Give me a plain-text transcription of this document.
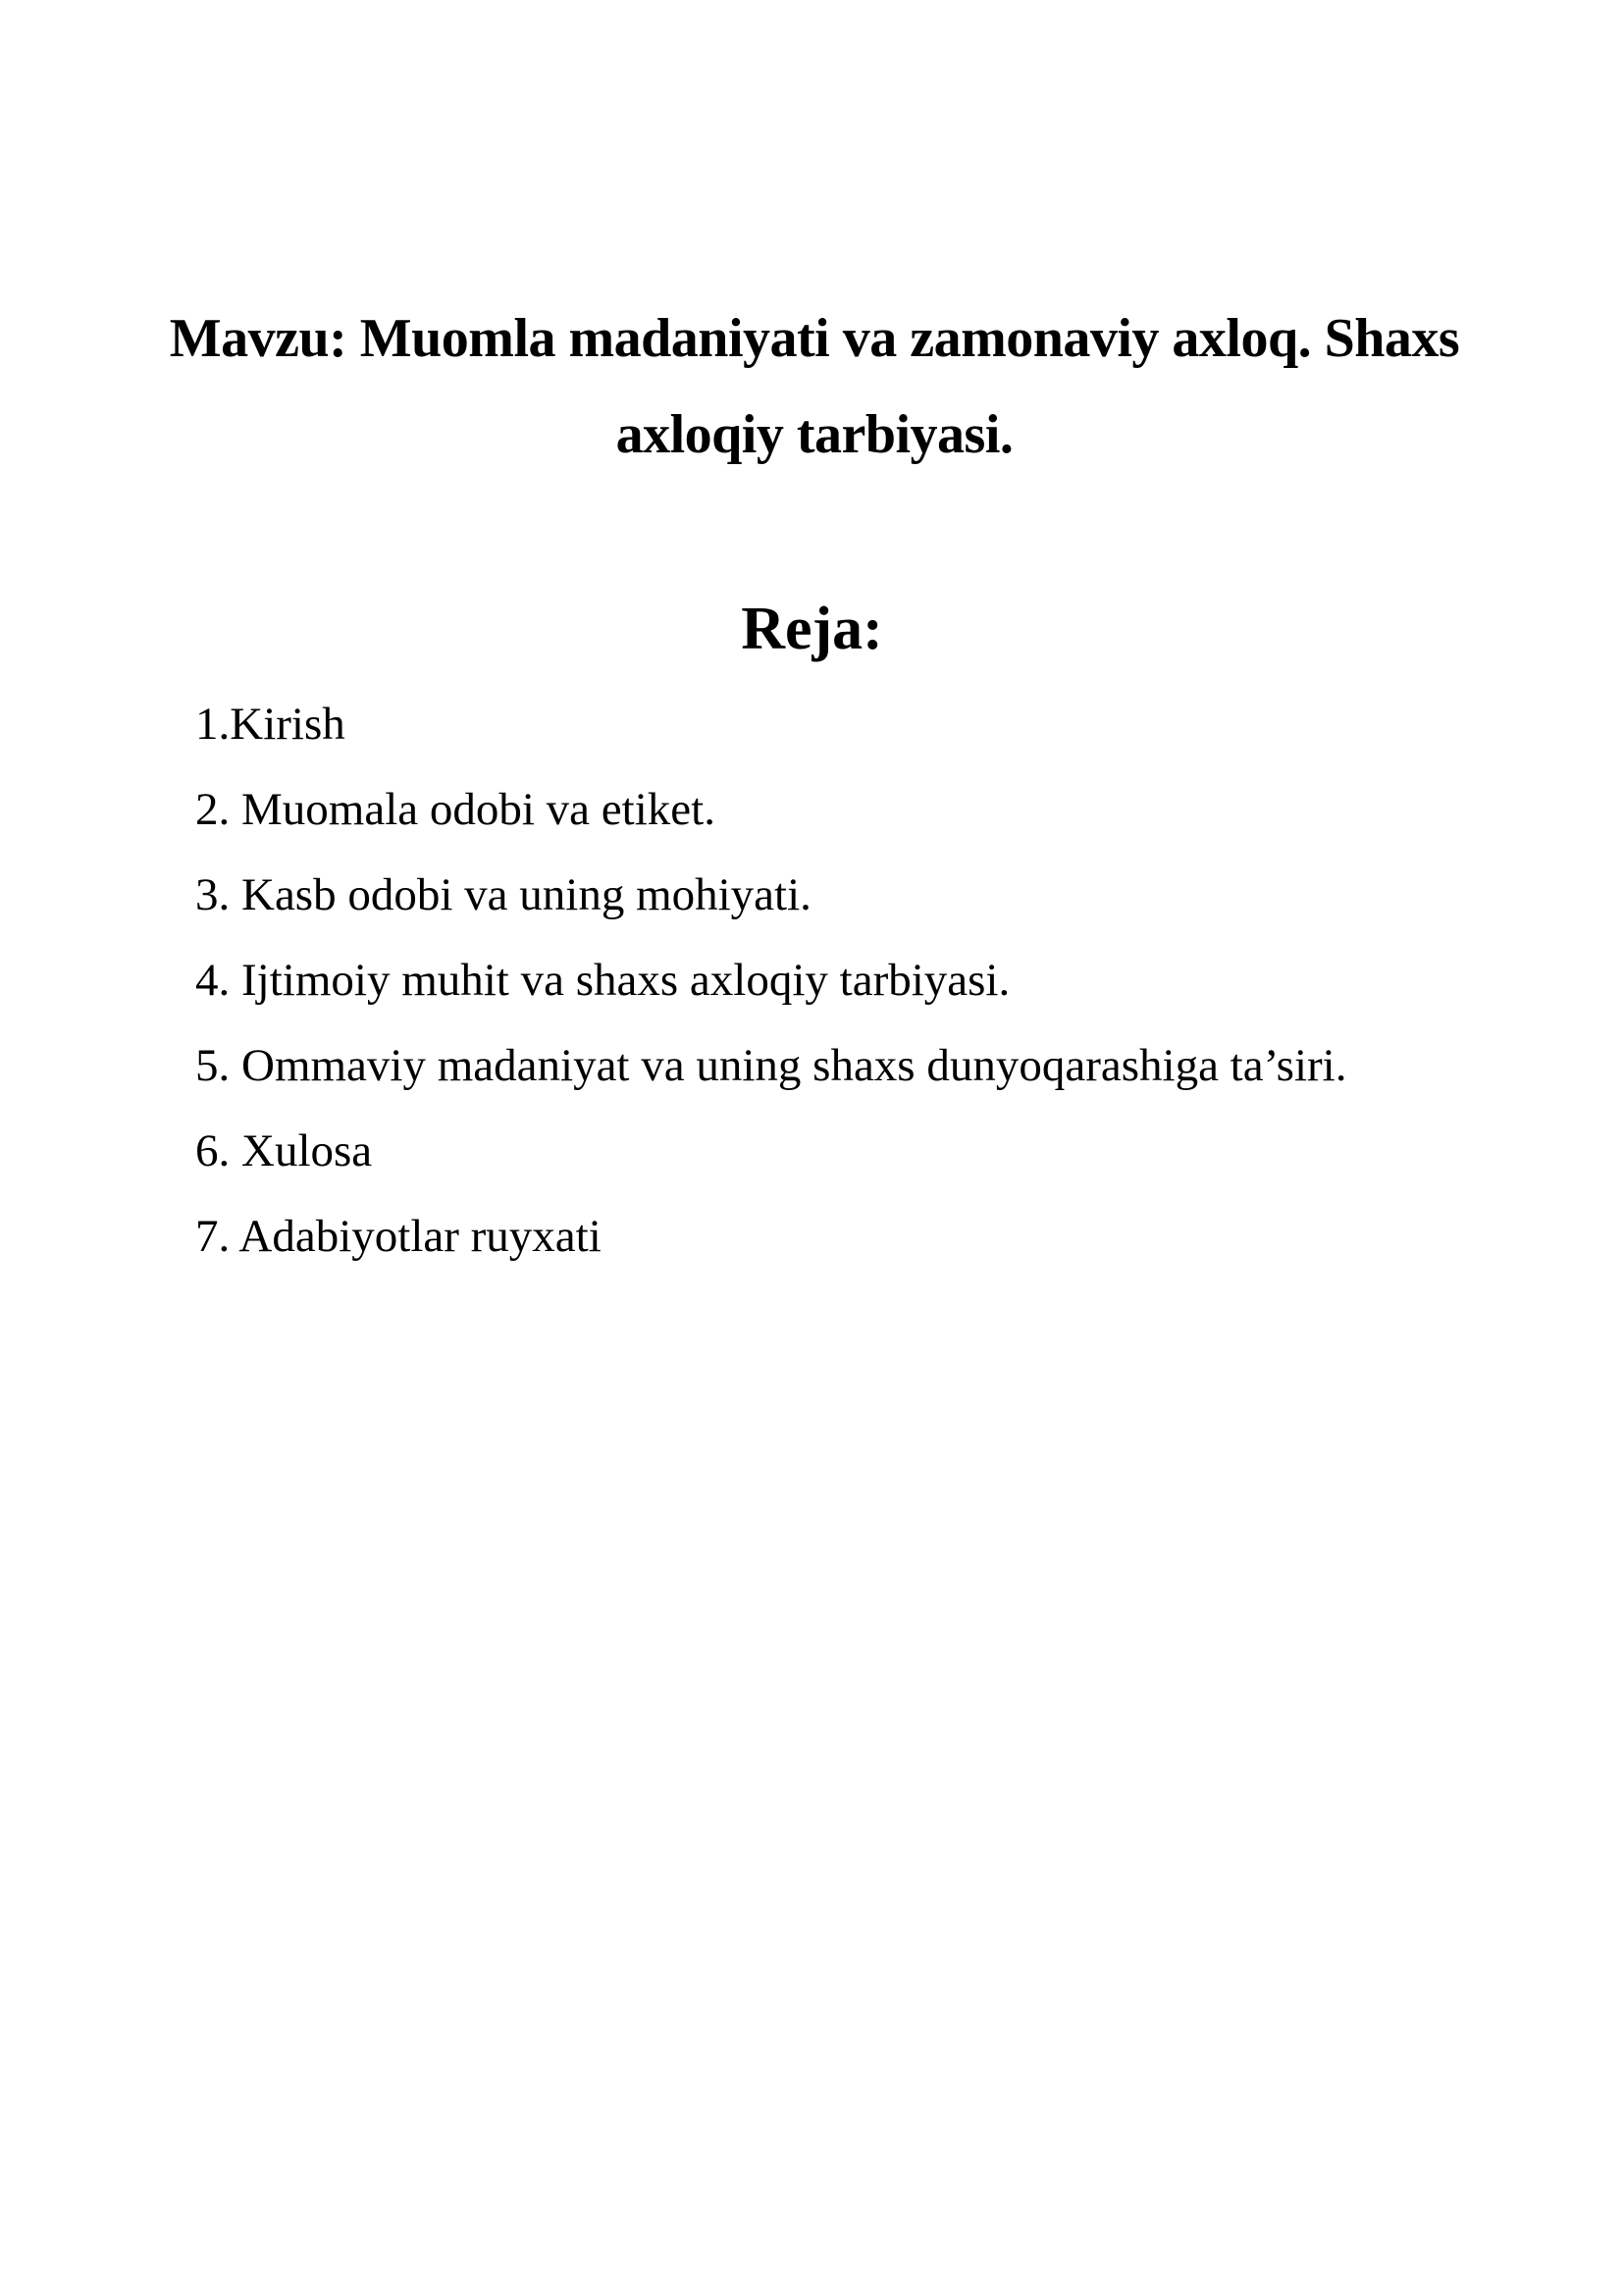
Mavzu: Muomla madaniyati va zamonaviy axloq. Shaxs axloqiy tarbiyasi.
Reja:
1.Kirish
2. Muomala odobi va etiket.
3. Kasb odobi va uning mohiyati.
4. Ijtimoiy muhit va shaxs axloqiy tarbiyasi.
5. Ommaviy madaniyat va uning shaxs dunyoqarashiga ta’siri.
6. Xulosa
7. Adabiyotlar ruyxati
